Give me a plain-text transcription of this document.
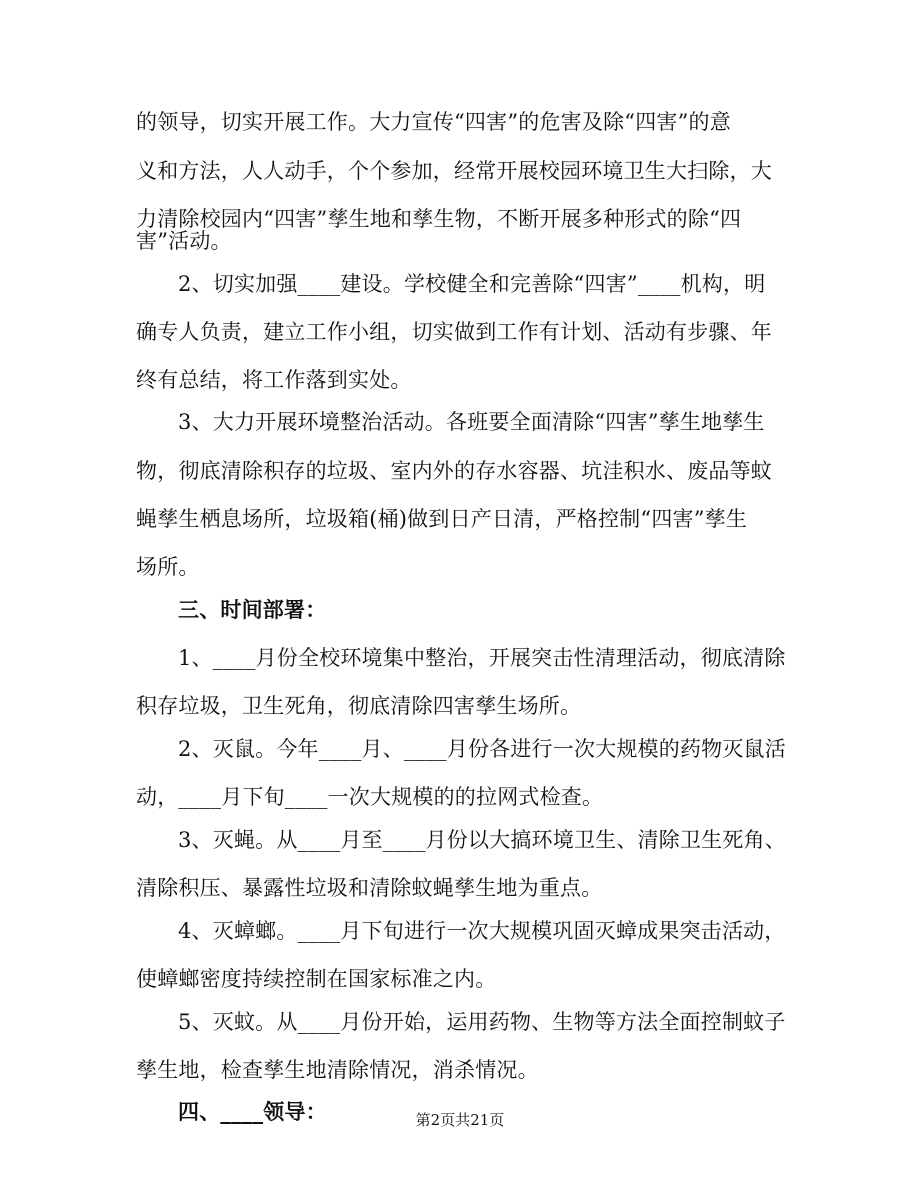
的领导，切实开展工作。大力宣传“四害”的危害及除“四害”的意
义和方法，人人动手，个个参加，经常开展校园环境卫生大扫除，大
力清除校园内“四害”孳生地和孳生物，不断开展多种形式的除“四
害”活动。
2、切实加强____建设。学校健全和完善除“四害”____机构，明
确专人负责，建立工作小组，切实做到工作有计划、活动有步骤、年
终有总结，将工作落到实处。
3、大力开展环境整治活动。各班要全面清除“四害”孳生地孳生
物，彻底清除积存的垃圾、室内外的存水容器、坑洼积水、废品等蚊
蝇孳生栖息场所，垃圾箱(桶)做到日产日清，严格控制“四害”孳生
场所。
三、时间部署：
1、____月份全校环境集中整治，开展突击性清理活动，彻底清除
积存垃圾，卫生死角，彻底清除四害孳生场所。
2、灭鼠。今年____月、____月份各进行一次大规模的药物灭鼠活
动，____月下旬____一次大规模的的拉网式检查。
3、灭蝇。从____月至____月份以大搞环境卫生、清除卫生死角、
清除积压、暴露性垃圾和清除蚊蝇孳生地为重点。
4、灭蟑螂。____月下旬进行一次大规模巩固灭蟑成果突击活动，
使蟑螂密度持续控制在国家标准之内。
5、灭蚊。从____月份开始，运用药物、生物等方法全面控制蚊子
孳生地，检查孳生地清除情况，消杀情况。
四、____领导：	第2页共21页
